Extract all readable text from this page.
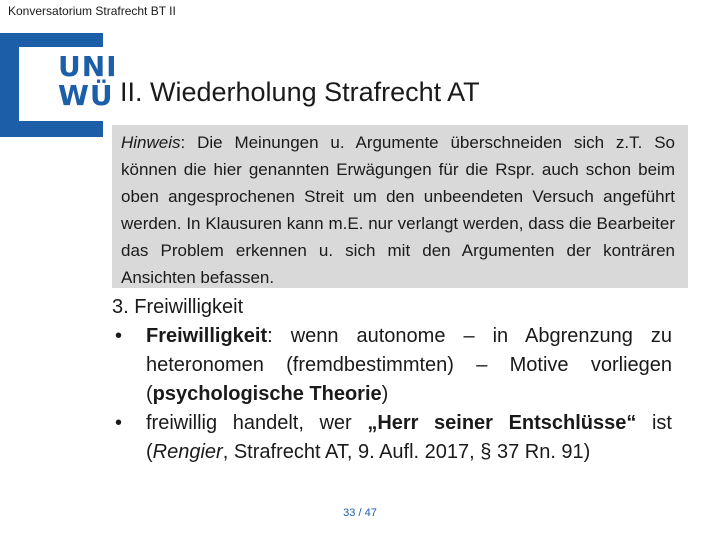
Konversatorium Strafrecht BT II
UNI
WÜ II. Wiederholung Strafrecht AT
Hinweis: Die Meinungen u. Argumente überschneiden sich z.T. So können die hier genannten Erwägungen für die Rspr. auch schon beim oben angesprochenen Streit um den unbeendeten Versuch angeführt werden. In Klausuren kann m.E. nur verlangt werden, dass die Bearbeiter das Problem erkennen u. sich mit den Argumenten der konträren Ansichten befassen.
3. Freiwilligkeit
• Freiwilligkeit: wenn autonome – in Abgrenzung zu heteronomen (fremdbestimmten) – Motive vorliegen (psychologische Theorie)
• freiwillig handelt, wer „Herr seiner Entschlüsse“ ist (Rengier, Strafrecht AT, 9. Aufl. 2017, § 37 Rn. 91)
33 / 47
